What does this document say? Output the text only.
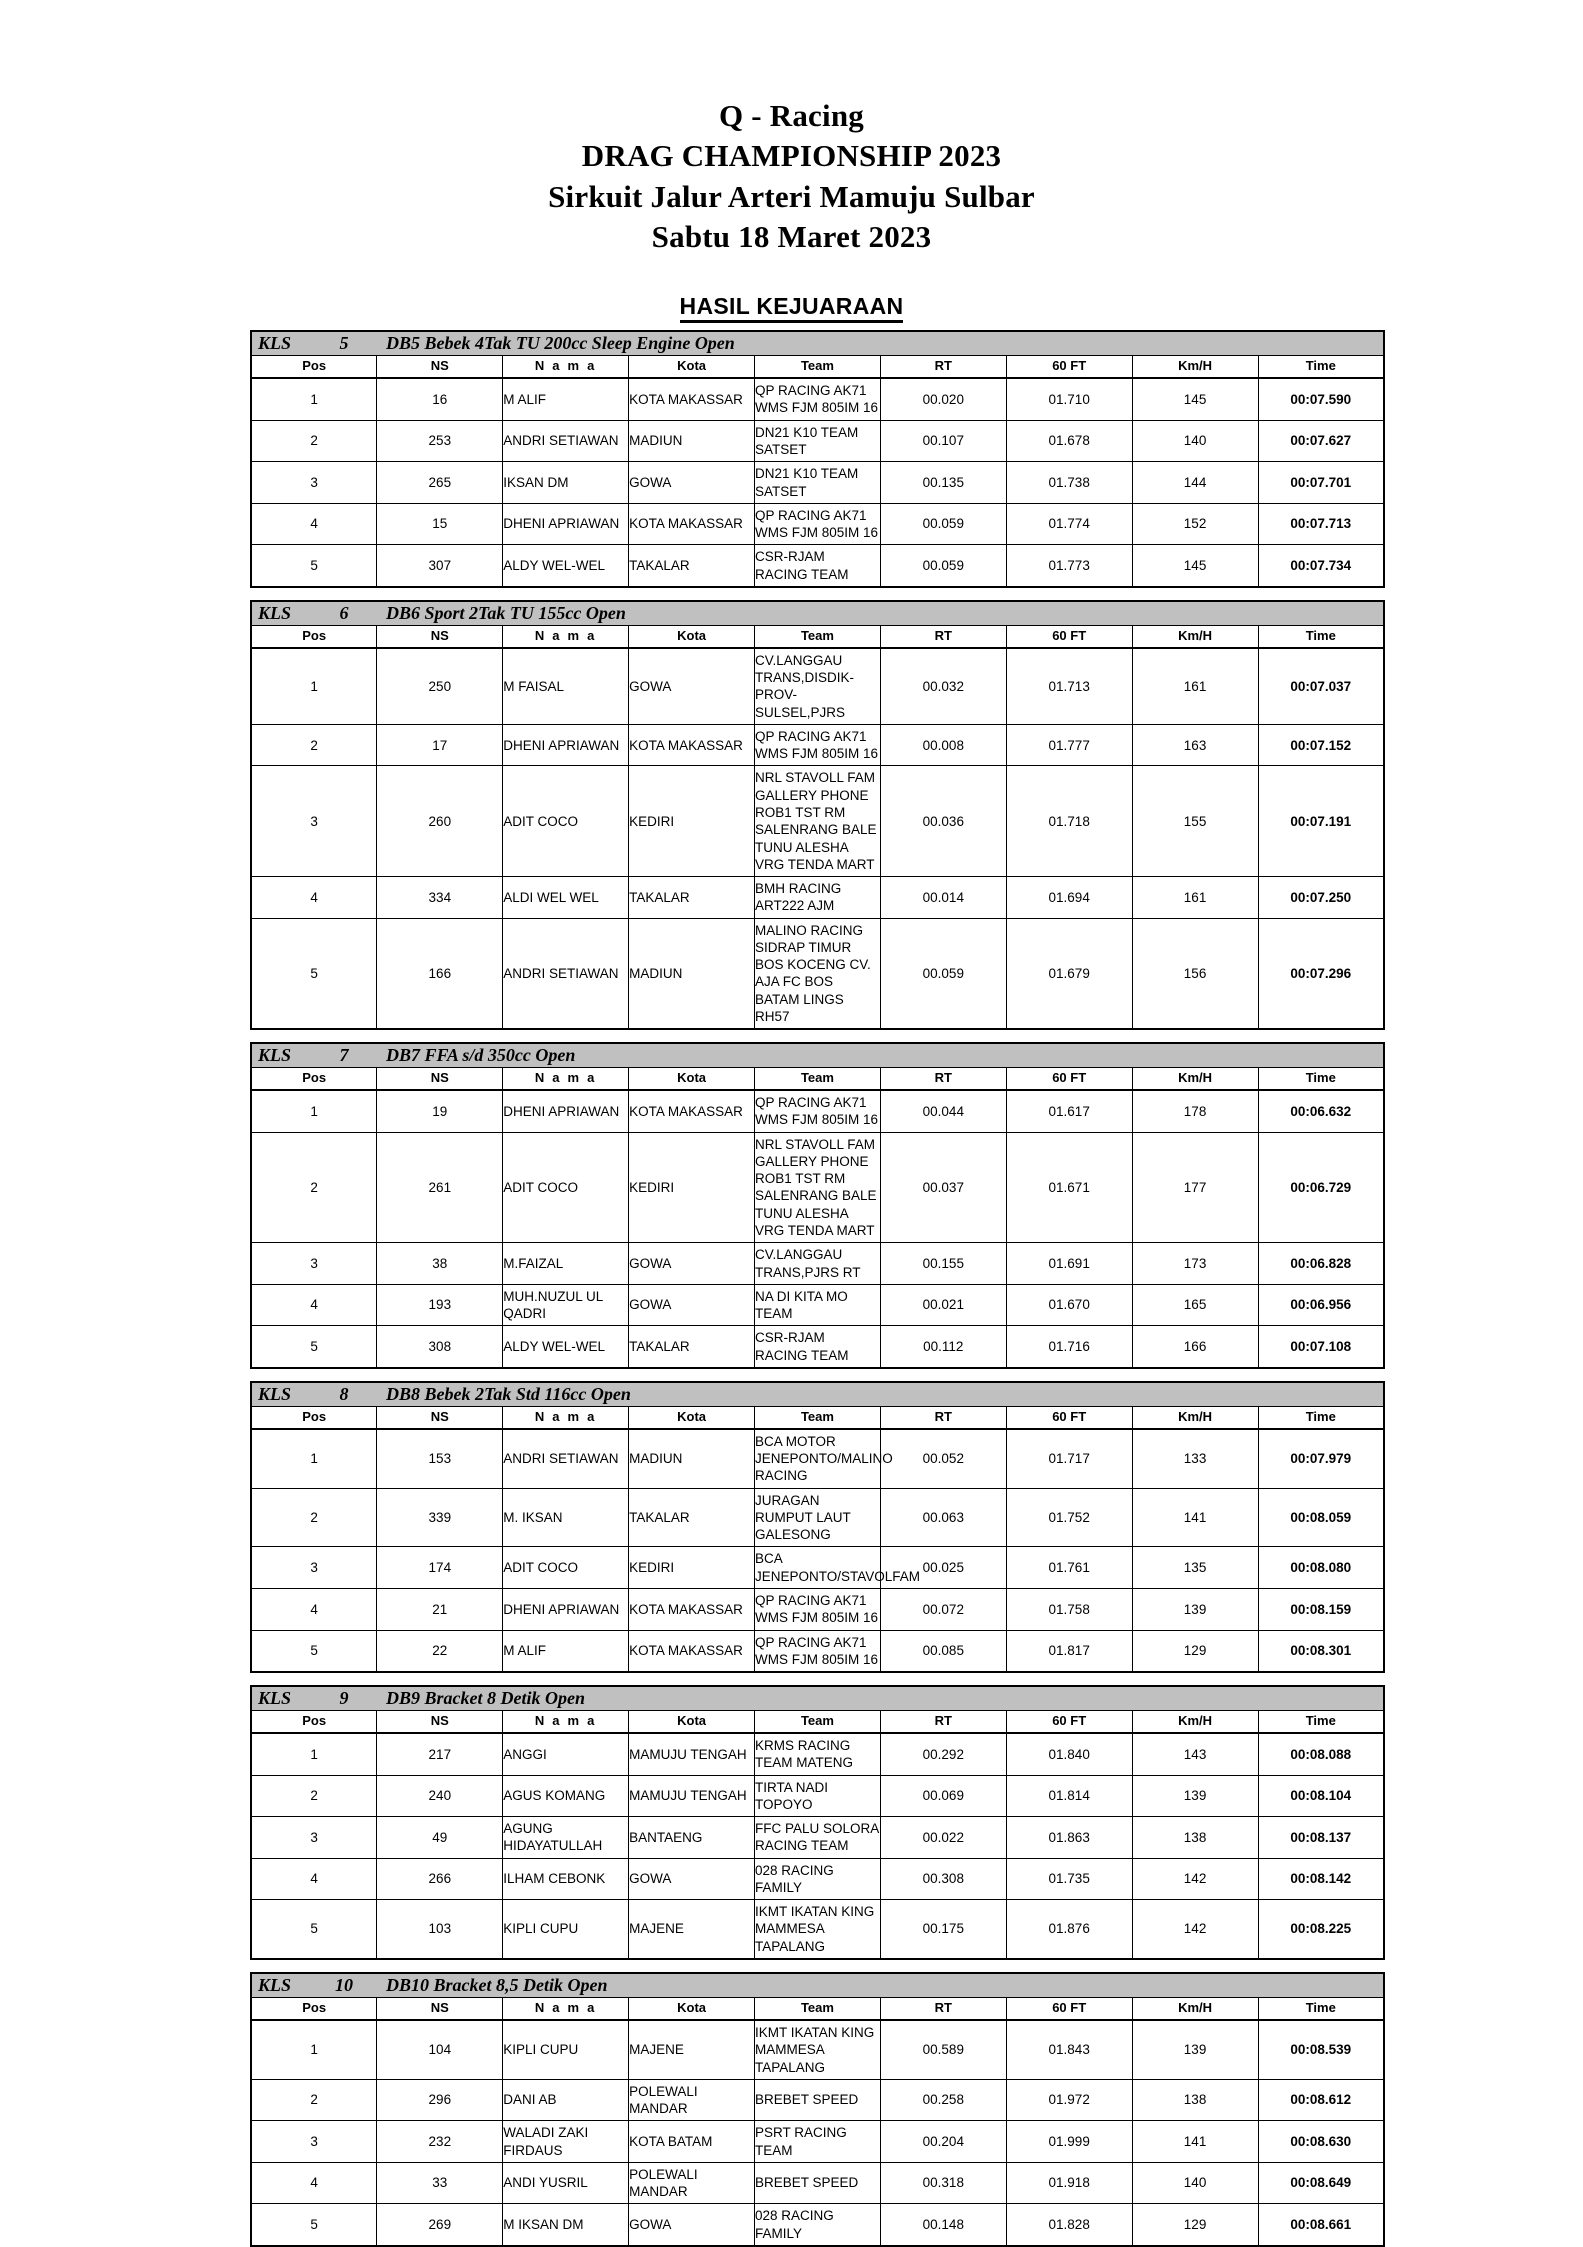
Q - Racing
DRAG CHAMPIONSHIP 2023
Sirkuit Jalur Arteri Mamuju Sulbar
Sabtu 18 Maret 2023
HASIL KEJUARAAN
KLS 5 DB5 Bebek 4Tak TU 200cc Sleep Engine Open								

Pos	NS	N a m a	Kota	Team	RT	60 FT	Km/H	Time

1	16	M ALIF	KOTA MAKASSAR	QP RACING AK71 WMS FJM 805IM 16	00.020	01.710	145	00:07.590

2	253	ANDRI SETIAWAN	MADIUN	DN21 K10 TEAM SATSET	00.107	01.678	140	00:07.627

3	265	IKSAN DM	GOWA	DN21 K10 TEAM SATSET	00.135	01.738	144	00:07.701

4	15	DHENI APRIAWAN	KOTA MAKASSAR	QP RACING AK71 WMS FJM 805IM 16	00.059	01.774	152	00:07.713

5	307	ALDY WEL-WEL	TAKALAR	CSR-RJAM RACING TEAM	00.059	01.773	145	00:07.734
KLS 6 DB6 Sport 2Tak TU 155cc Open								

Pos	NS	N a m a	Kota	Team	RT	60 FT	Km/H	Time

1	250	M FAISAL	GOWA	CV.LANGGAU TRANS,DISDIK-PROV-SULSEL,PJRS	00.032	01.713	161	00:07.037

2	17	DHENI APRIAWAN	KOTA MAKASSAR	QP RACING AK71 WMS FJM 805IM 16	00.008	01.777	163	00:07.152

3	260	ADIT COCO	KEDIRI	NRL STAVOLL FAM GALLERY PHONE ROB1 TST RM SALENRANG BALE TUNU ALESHA VRG TENDA MART	00.036	01.718	155	00:07.191

4	334	ALDI WEL WEL	TAKALAR	BMH RACING ART222 AJM	00.014	01.694	161	00:07.250

5	166	ANDRI SETIAWAN	MADIUN	MALINO RACING SIDRAP TIMUR BOS KOCENG CV. AJA FC BOS BATAM LINGS RH57	00.059	01.679	156	00:07.296
KLS 7 DB7 FFA s/d 350cc Open								

Pos	NS	N a m a	Kota	Team	RT	60 FT	Km/H	Time

1	19	DHENI APRIAWAN	KOTA MAKASSAR	QP RACING AK71 WMS FJM 805IM 16	00.044	01.617	178	00:06.632

2	261	ADIT COCO	KEDIRI	NRL STAVOLL FAM GALLERY PHONE ROB1 TST RM SALENRANG BALE TUNU ALESHA VRG TENDA MART	00.037	01.671	177	00:06.729

3	38	M.FAIZAL	GOWA	CV.LANGGAU TRANS,PJRS RT	00.155	01.691	173	00:06.828

4	193	MUH.NUZUL UL QADRI	GOWA	NA DI KITA MO TEAM	00.021	01.670	165	00:06.956

5	308	ALDY WEL-WEL	TAKALAR	CSR-RJAM RACING TEAM	00.112	01.716	166	00:07.108
KLS 8 DB8 Bebek 2Tak Std 116cc Open								

Pos	NS	N a m a	Kota	Team	RT	60 FT	Km/H	Time

1	153	ANDRI SETIAWAN	MADIUN	BCA MOTOR JENEPONTO/MALINO RACING	00.052	01.717	133	00:07.979

2	339	M. IKSAN	TAKALAR	JURAGAN RUMPUT LAUT GALESONG	00.063	01.752	141	00:08.059

3	174	ADIT COCO	KEDIRI	BCA JENEPONTO/STAVOLFAM	00.025	01.761	135	00:08.080

4	21	DHENI APRIAWAN	KOTA MAKASSAR	QP RACING AK71 WMS FJM 805IM 16	00.072	01.758	139	00:08.159

5	22	M ALIF	KOTA MAKASSAR	QP RACING AK71 WMS FJM 805IM 16	00.085	01.817	129	00:08.301
KLS 9 DB9 Bracket 8 Detik Open								

Pos	NS	N a m a	Kota	Team	RT	60 FT	Km/H	Time

1	217	ANGGI	MAMUJU TENGAH	KRMS RACING TEAM MATENG	00.292	01.840	143	00:08.088

2	240	AGUS KOMANG	MAMUJU TENGAH	TIRTA NADI TOPOYO	00.069	01.814	139	00:08.104

3	49	AGUNG HIDAYATULLAH	BANTAENG	FFC PALU SOLORA RACING TEAM	00.022	01.863	138	00:08.137

4	266	ILHAM CEBONK	GOWA	028 RACING FAMILY	00.308	01.735	142	00:08.142

5	103	KIPLI CUPU	MAJENE	IKMT IKATAN KING MAMMESA TAPALANG	00.175	01.876	142	00:08.225
KLS 10 DB10 Bracket 8,5 Detik Open								

Pos	NS	N a m a	Kota	Team	RT	60 FT	Km/H	Time

1	104	KIPLI CUPU	MAJENE	IKMT IKATAN KING MAMMESA TAPALANG	00.589	01.843	139	00:08.539

2	296	DANI AB	POLEWALI MANDAR	BREBET SPEED	00.258	01.972	138	00:08.612

3	232	WALADI ZAKI FIRDAUS	KOTA BATAM	PSRT RACING TEAM	00.204	01.999	141	00:08.630

4	33	ANDI YUSRIL	POLEWALI MANDAR	BREBET SPEED	00.318	01.918	140	00:08.649

5	269	M IKSAN DM	GOWA	028 RACING FAMILY	00.148	01.828	129	00:08.661
